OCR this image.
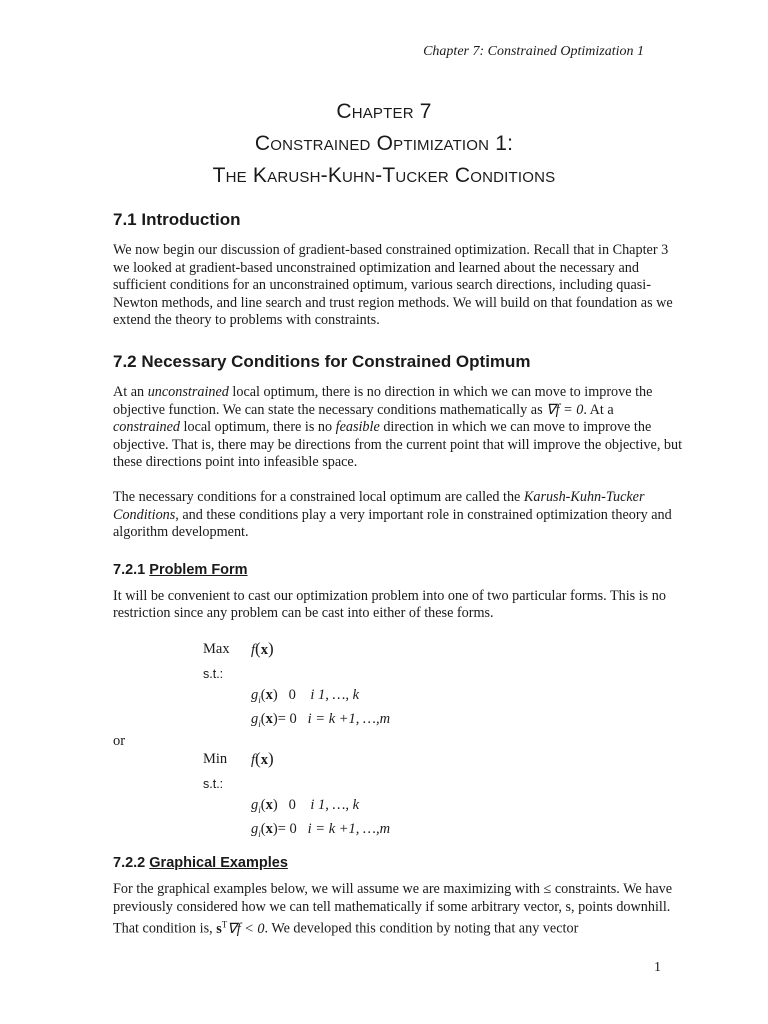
Chapter 7: Constrained Optimization 1
Chapter 7
Constrained Optimization 1:
The Karush-Kuhn-Tucker Conditions
7.1 Introduction

We now begin our discussion of gradient-based constrained optimization. Recall that in Chapter 3 we looked at gradient-based unconstrained optimization and learned about the necessary and sufficient conditions for an unconstrained optimum, various search directions, including quasi-Newton methods, and line search and trust region methods. We will build on that foundation as we extend the theory to problems with constraints.

7.2 Necessary Conditions for Constrained Optimum

At an unconstrained local optimum, there is no direction in which we can move to improve the objective function. We can state the necessary conditions mathematically as ∇f = 0. At a constrained local optimum, there is no feasible direction in which we can move to improve the objective. That is, there may be directions from the current point that will improve the objective, but these directions point into infeasible space.

The necessary conditions for a constrained local optimum are called the Karush-Kuhn-Tucker Conditions, and these conditions play a very important role in constrained optimization theory and algorithm development.

7.2.1 Problem Form

It will be convenient to cast our optimization problem into one of two particular forms. This is no restriction since any problem can be cast into either of these forms.

Max f(x)
s.t.:
$g_i(x)$   0 i 1, …, k
$g_i(x)= 0$ i = k +1, …,m
or
Min f(x)
s.t.:
$g_i(x)$   0 i 1, …, k
$g_i(x)= 0$ i = k +1, …,m
7.2.2 Graphical Examples

For the graphical examples below, we will assume we are maximizing with ≤ constraints. We have previously considered how we can tell mathematically if some arbitrary vector, s, points downhill. That condition is, $s^T\nabla f < 0$. We developed this condition by noting that any vector

1
